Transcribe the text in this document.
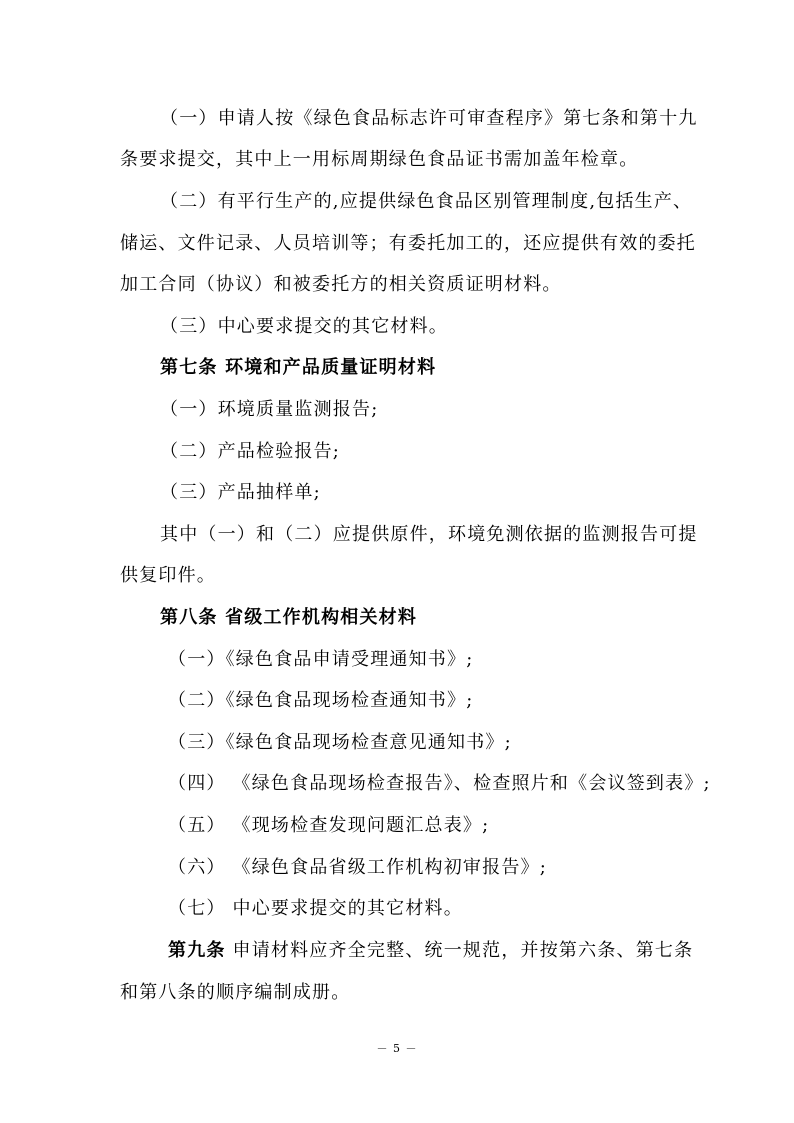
（一）申请人按《绿色食品标志许可审查程序》第七条和第十九
条要求提交，其中上一用标周期绿色食品证书需加盖年检章。
（二）有平行生产的,应提供绿色食品区别管理制度,包括生产、
储运、文件记录、人员培训等；有委托加工的，还应提供有效的委托
加工合同（协议）和被委托方的相关资质证明材料。
（三）中心要求提交的其它材料。
第七条 环境和产品质量证明材料
（一）环境质量监测报告;
（二）产品检验报告;
（三）产品抽样单;
其中（一）和（二）应提供原件，环境免测依据的监测报告可提
供复印件。
第八条 省级工作机构相关材料
（一）《绿色食品申请受理通知书》;
（二）《绿色食品现场检查通知书》;
（三）《绿色食品现场检查意见通知书》;
（四） 《绿色食品现场检查报告》、检查照片和《会议签到表》;
（五） 《现场检查发现问题汇总表》;
（六） 《绿色食品省级工作机构初审报告》;
（七） 中心要求提交的其它材料。
第九条 申请材料应齐全完整、统一规范，并按第六条、第七条
和第八条的顺序编制成册。
－ 5 －
